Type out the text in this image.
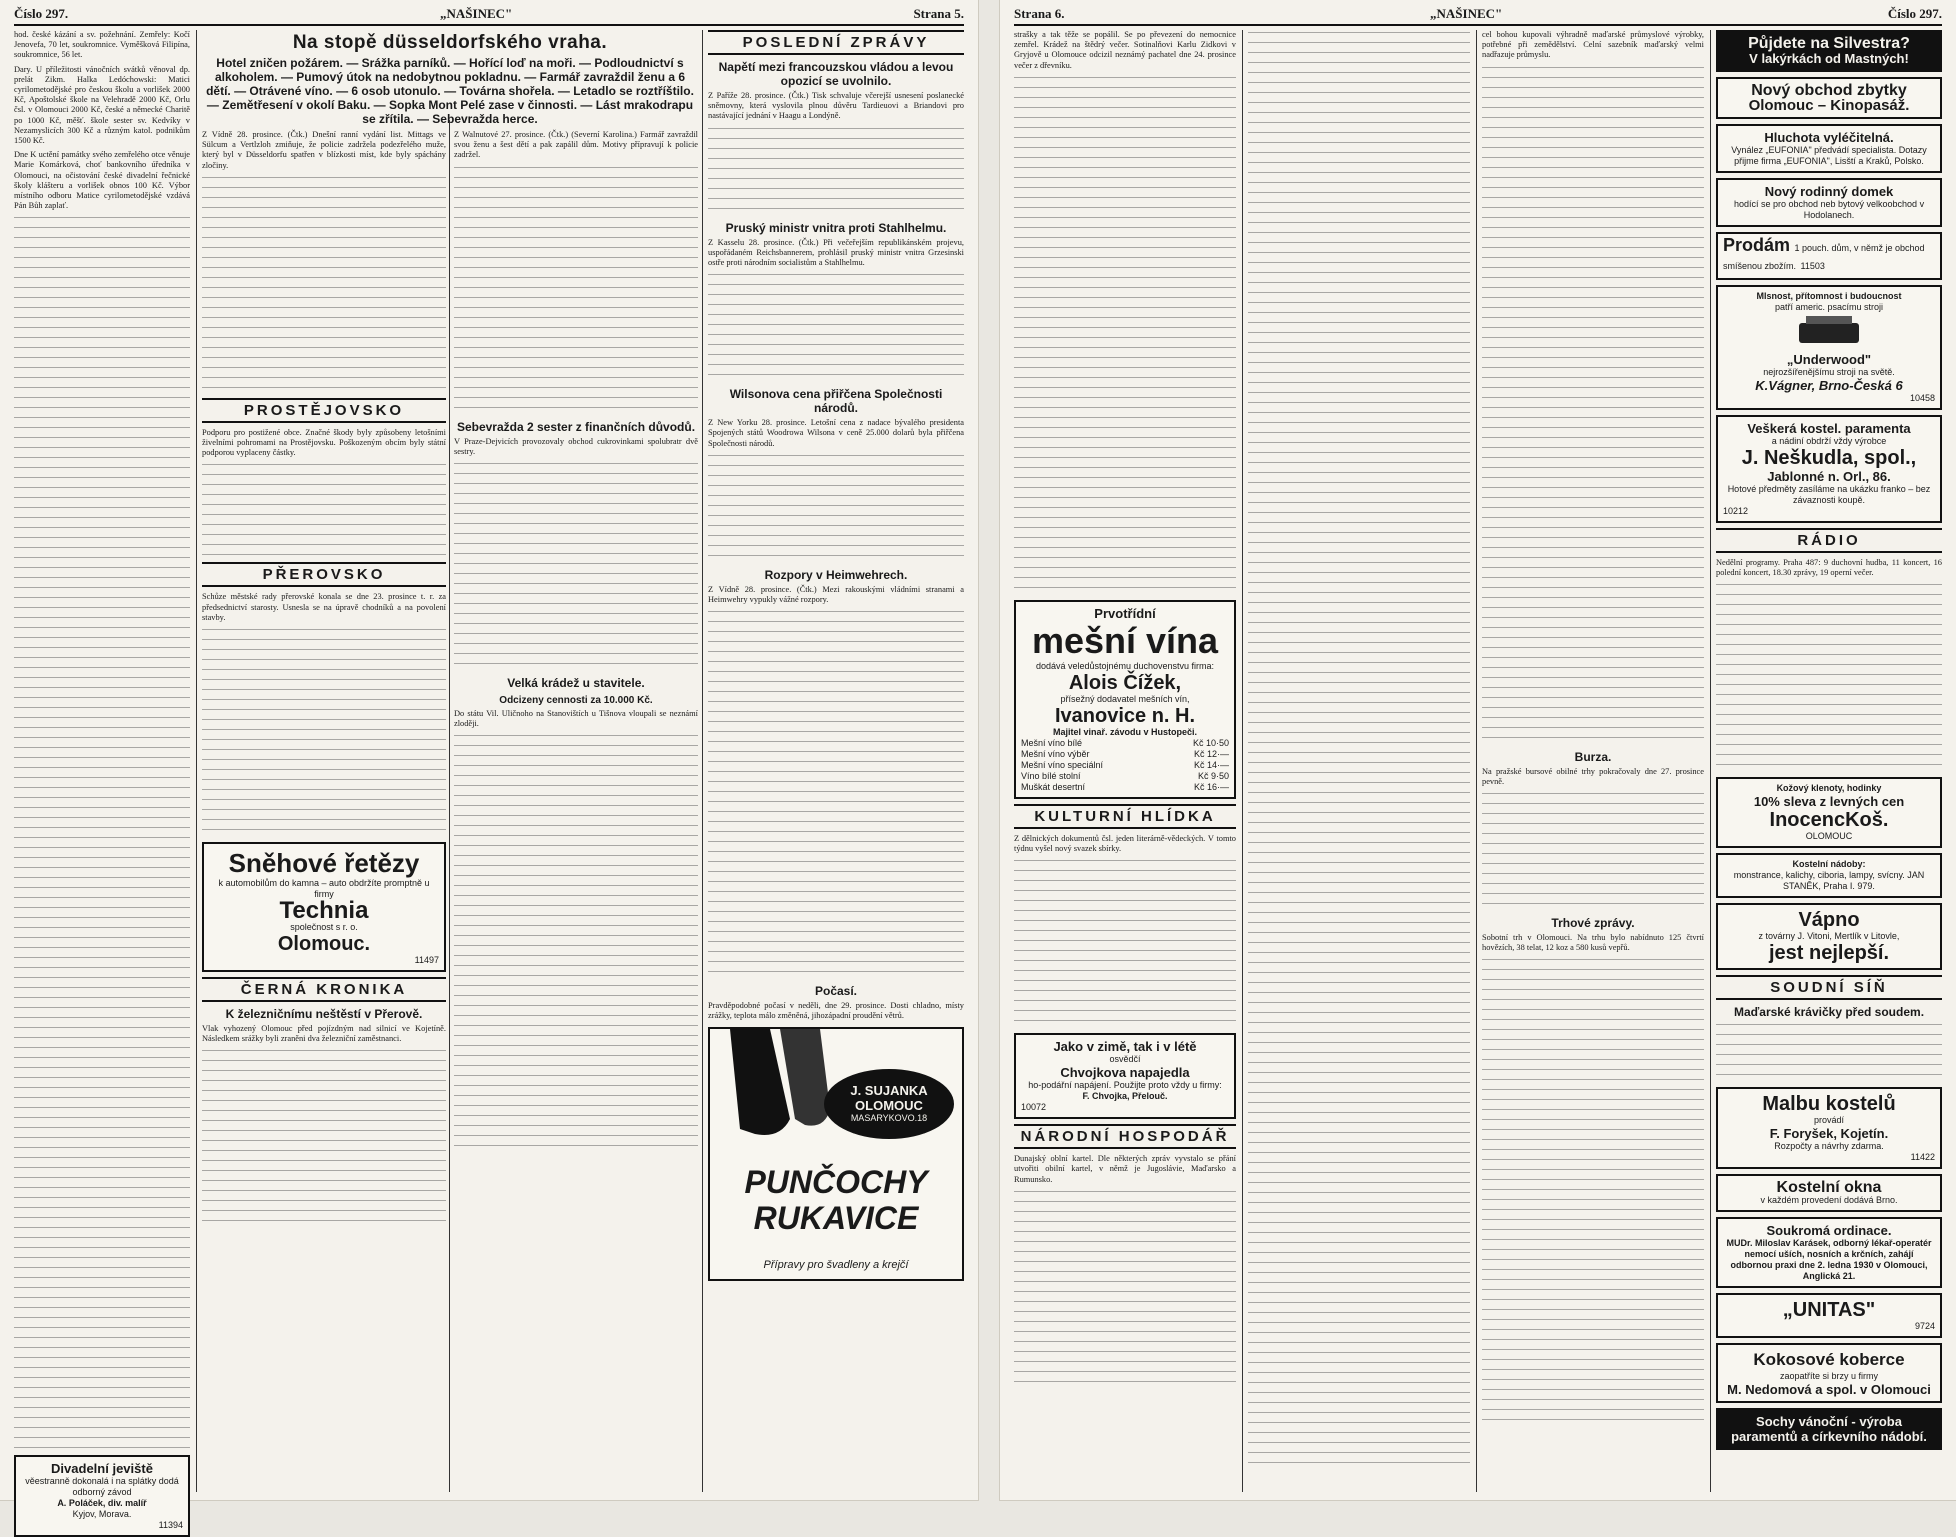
Číslo 297.	„NAŠINEC"	Strana 5.

hod. české kázání a sv. požehnání. Zemřely: Kočí Jenovefa, 70 let, soukromnice. Vyměšková Filipína, soukromnice, 56 let.

Dary. U příležitosti vánočních svátků věnoval dp. prelát Zikm. Halka Ledóchowski: Matici cyrilometodějské pro českou školu a vorlišek 2000 Kč, Apoštolské škole na Velehradě 2000 Kč, Orlu čsl. v Olomouci 2000 Kč, české a německé Charitě po 1000 Kč, měšť. škole sester sv. Kedvíky v Nezamyslicích 300 Kč a různým katol. podnikům 1500 Kč.

Dne K uctění památky svého zemřelého otce věnuje Marie Komárková, choť bankovního úředníka v Olomouci, na očistování české divadelní řečnické školy klášteru a vorlišek obnos 100 Kč. Výbor místního odboru Matice cyrilometodějské vzdává Pán Bůh zaplať.

Divadelní jeviště
věestranně dokonalá i na splátky dodá odborný závod
A. Poláček, div. malíř
Kyjov, Morava.
11394
Na stopě düsseldorfského vraha.
Hotel zničen požárem. — Srážka parníků. — Hořící loď na moři. — Podloudnictví s alkoholem. — Pumový útok na nedobytnou pokladnu. — Farmář zavraždil ženu a 6 dětí. — Otrávené víno. — 6 osob utonulo. — Továrna shořela. — Letadlo se roztříštilo. — Zemětřesení v okolí Baku. — Sopka Mont Pelé zase v činnosti. — Lást mrakodrapu se zřítila. — Sebevražda herce.

Z Vídně 28. prosince. (Čtk.) Dnešní ranní vydání list. Mittags ve Sülcum a Vertlzloh zmiňuje, že policie zadržela podezřelého muže, který byl v Düsseldorfu spatřen v blízkosti míst, kde byly spáchány zločiny.

PROSTĚJOVSKO

Podporu pro postižené obce. Značné škody byly způsobeny letošními živelními pohromami na Prostějovsku. Poškozeným obcím byly státní podporou vyplaceny částky.

PŘEROVSKO

Schůze městské rady přerovské konala se dne 23. prosince t. r. za předsednictví starosty. Usnesla se na úpravě chodníků a na povolení stavby.

Sněhové řetězy
k automobilům do kamna – auto obdržíte promptně u firmy
Technia
společnost s r. o.
Olomouc.
11497
ČERNÁ KRONIKA
K železničnímu neštěstí v Přerově.

Vlak vyhozený Olomouc před pojízdným nad silnicí ve Kojetíně. Následkem srážky byli zraněni dva železniční zaměstnanci.

Z Walnutové 27. prosince. (Čtk.) (Severní Karolina.) Farmář zavraždil svou ženu a šest dětí a pak zapálil dům. Motivy přípravují k policie zadržel.

Sebevražda 2 sester z finančních důvodů.

V Praze-Dejvicích provozovaly obchod cukrovinkami spolubratr dvě sestry.

Velká krádež u stavitele.
Odcizeny cennosti za 10.000 Kč.

Do státu Vil. Uličnoho na Stanovištích u Tišnova vloupali se neznámí zloději.

POSLEDNÍ ZPRÁVY
Napětí mezi francouzskou vládou a levou opozicí se uvolnilo.

Z Paříže 28. prosince. (Čtk.) Tisk schvaluje včerejší usnesení poslanecké sněmovny, která vyslovila plnou důvěru Tardieuovi a Briandovi pro nastávající jednání v Haagu a Londýně.

Pruský ministr vnitra proti Stahlhelmu.

Z Kasselu 28. prosince. (Čtk.) Při večeřejším republikánském projevu, uspořádaném Reichsbannerem, prohlásil pruský ministr vnitra Grzesinski ostře proti národním socialistům a Stahlhelmu.

Wilsonova cena přiřčena Společnosti národů.

Z New Yorku 28. prosince. Letošní cena z nadace bývalého presidenta Spojených států Woodrowa Wilsona v ceně 25.000 dolarů byla přiřčena Společnosti národů.

Rozpory v Heimwehrech.

Z Vídně 28. prosince. (Čtk.) Mezi rakouskými vládními stranami a Heimwehry vypukly vážné rozpory.

Počasí.

Pravděpodobné počasí v neděli, dne 29. prosince. Dosti chladno, místy zrážky, teplota málo změněná, jihozápadní proudění větrů.

J. SUJANKA
OLOMOUC
MASARYKOVO.18
PUNČOCHY RUKAVICE
Přípravy pro švadleny a krejčí
Strana 6.	„NAŠINEC"	Číslo 297.

strašky a tak těže se popálil. Se po převezení do nemocnice zemřel. Krádež na štědrý večer. Sotinalňovi Karlu Zidkovi v Gryjově u Olomouce odcizil neznámý pachatel dne 24. prosince večer z dřevníku.

Prvotřídní
mešní vína
dodává veledůstojnému duchovenstvu firma:
Alois Čížek,
přísežný dodavatel mešních vín,
Ivanovice n. H.
Majitel vinař. závodu v Hustopeči.
Mešní víno bílé	Kč 10·50
Mešní víno výběr	Kč 12·—
Mešní víno speciální	Kč 14·—
Víno bílé stolní	Kč 9·50
Muškát desertní	Kč 16·—
KULTURNÍ HLÍDKA

Z dělnických dokumentů čsl. jeden literárně-vědeckých. V tomto týdnu vyšel nový svazek sbírky.

Jako v zimě, tak i v létě
osvědčí
Chvojkova napajedla
ho-podářní napájení. Použijte proto vždy u firmy:
F. Chvojka, Přelouč.
10072
NÁRODNÍ HOSPODÁŘ

Dunajský oblní kartel. Dle některých zpráv vyvstalo se přání utvořiti obilní kartel, v němž je Jugoslávie, Maďarsko a Rumunsko.

cel bohou kupovali výhradně maďarské průmyslové výrobky, potřebné při zemědělství. Celní sazebník maďarský velmi nadřazuje průmyslu.

Burza.

Na pražské bursové obilné trhy pokračovaly dne 27. prosince pevně.

Trhové zprávy.

Sobotní trh v Olomouci. Na trhu bylo nabídnuto 125 čtvrtí hovězích, 38 telat, 12 koz a 580 kusů vepřů.

Půjdete na Silvestra?
V lakýrkách od Mastných!
Nový obchod zbytky
Olomouc – Kinopasáž.
Hluchota vyléčitelná.
Vynález „EUFONIA" předvádí specialista. Dotazy přijme firma „EUFONIA", Lisští a Kraků, Polsko.
Nový rodinný domek
hodící se pro obchod neb bytový velkoobchod v Hodolanech.
Prodám 1 pouch. dům, v němž je obchod smíšenou zbožím. 11503
Mlsnost, přítomnost i budoucnost
patří americ. psacímu stroji
„Underwood"
nejrozšířenějšímu stroji na světě.
K.Vágner, Brno-Česká 6
10458
Veškerá kostel. paramenta
a nádiní obdrží vždy výrobce
J. Neškudla, spol.,
Jablonné n. Orl., 86.
Hotové předměty zasíláme na ukázku franko – bez závaznosti koupě.
10212
RÁDIO

Nedělní programy. Praha 487: 9 duchovní hudba, 11 koncert, 16 polední koncert, 18.30 zprávy, 19 operní večer.

Kožový klenoty, hodinky
10% sleva z levných cen
InocencKoš.
OLOMOUC
Kostelní nádoby:
monstrance, kalichy, ciboria, lampy, svícny. JAN STANĚK, Praha I. 979.
Vápno
z továrny J. Vitoni, Mertlík v Litovle,
jest nejlepší.
SOUDNÍ SÍŇ
Maďarské krávičky před soudem.
Malbu kostelů
provádí
F. Foryšek, Kojetín.
Rozpočty a návrhy zdarma.
11422
Kostelní okna
v každém provedení dodává Brno.
Soukromá ordinace.
MUDr. Miloslav Karásek, odborný lékař-operatér nemocí uších, nosních a krčních, zahájí odbornou praxi dne 2. ledna 1930 v Olomouci, Anglická 21.
„UNITAS"
9724
Kokosové koberce
zaopatříte si brzy u firmy
M. Nedomová a spol. v Olomouci
Sochy vánoční - výroba paramentů a církevního nádobí.
